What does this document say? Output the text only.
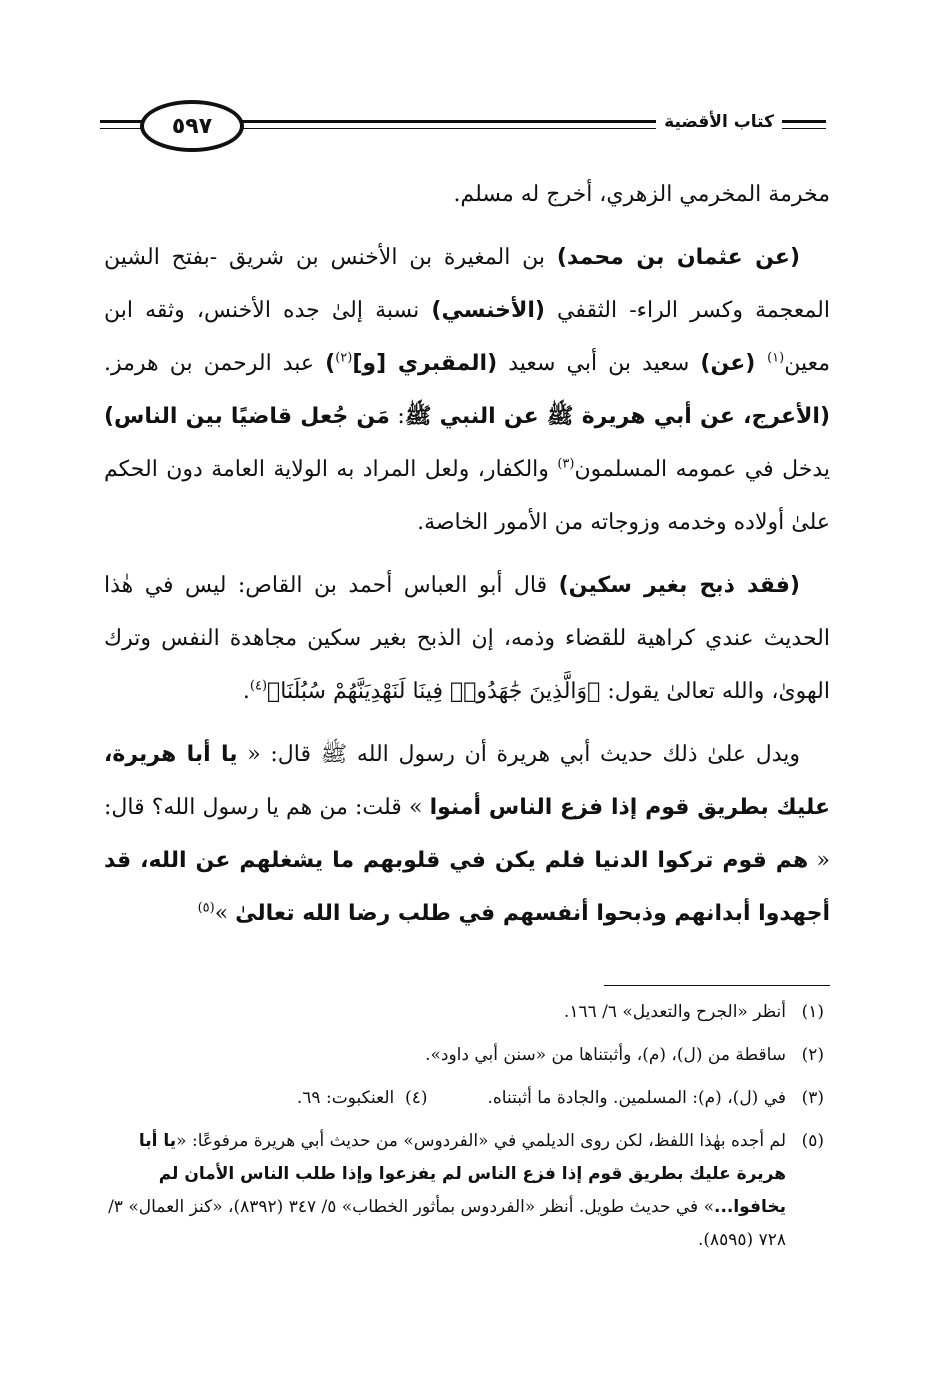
٥٩٧	كتاب الأقضية

مخرمة المخرمي الزهري، أخرج له مسلم.

(عن عثمان بن محمد) بن المغيرة بن الأخنس بن شريق -بفتح الشين المعجمة وكسر الراء- الثقفي (الأخنسي) نسبة إلىٰ جده الأخنس، وثقه ابن معين$^{(١)}$ (عن) سعيد بن أبي سعيد (المقبري [و]$^{(٢)}$) عبد الرحمن بن هرمز. (الأعرج، عن أبي هريرة ﷺ عن النبي ﷺ: مَن جُعل قاضيًا بين الناس) يدخل في عمومه المسلمون$^{(٣)}$ والكفار، ولعل المراد به الولاية العامة دون الحكم علىٰ أولاده وخدمه وزوجاته من الأمور الخاصة.

(فقد ذبح بغير سكين) قال أبو العباس أحمد بن القاص: ليس في هٰذا الحديث عندي كراهية للقضاء وذمه، إن الذبح بغير سكين مجاهدة النفس وترك الهوىٰ، والله تعالىٰ يقول: ﴿وَالَّذِينَ جَٰهَدُوا۟ فِينَا لَنَهْدِيَنَّهُمْ سُبُلَنَا﴾$^{(٤)}$.

ويدل علىٰ ذلك حديث أبي هريرة أن رسول الله ﷺ قال: « يا أبا هريرة، عليك بطريق قوم إذا فزع الناس أمنوا » قلت: من هم يا رسول الله؟ قال: « هم قوم تركوا الدنيا فلم يكن في قلوبهم ما يشغلهم عن الله، قد أجهدوا أبدانهم وذبحوا أنفسهم في طلب رضا الله تعالىٰ »$^{(٥)}$

(١)
أنظر «الجرح والتعديل» ٦/ ١٦٦.
(٢)
ساقطة من (ل)، (م)، وأثبتناها من «سنن أبي داود».
(٣)
في (ل)، (م): المسلمين. والجادة ما أثبتناه.(٤)  العنكبوت: ٦٩.
(٥)
لم أجده بهٰذا اللفظ، لكن روى الديلمي في «الفردوس» من حديث أبي هريرة مرفوعًا: «يا أبا هريرة عليك بطريق قوم إذا فزع الناس لم يفزعوا وإذا طلب الناس الأمان لم يخافوا...» في حديث طويل. أنظر «الفردوس بمأثور الخطاب» ٥/ ٣٤٧ (٨٣٩٢)، «كنز العمال» ٣/ ٧٢٨ (٨٥٩٥).
